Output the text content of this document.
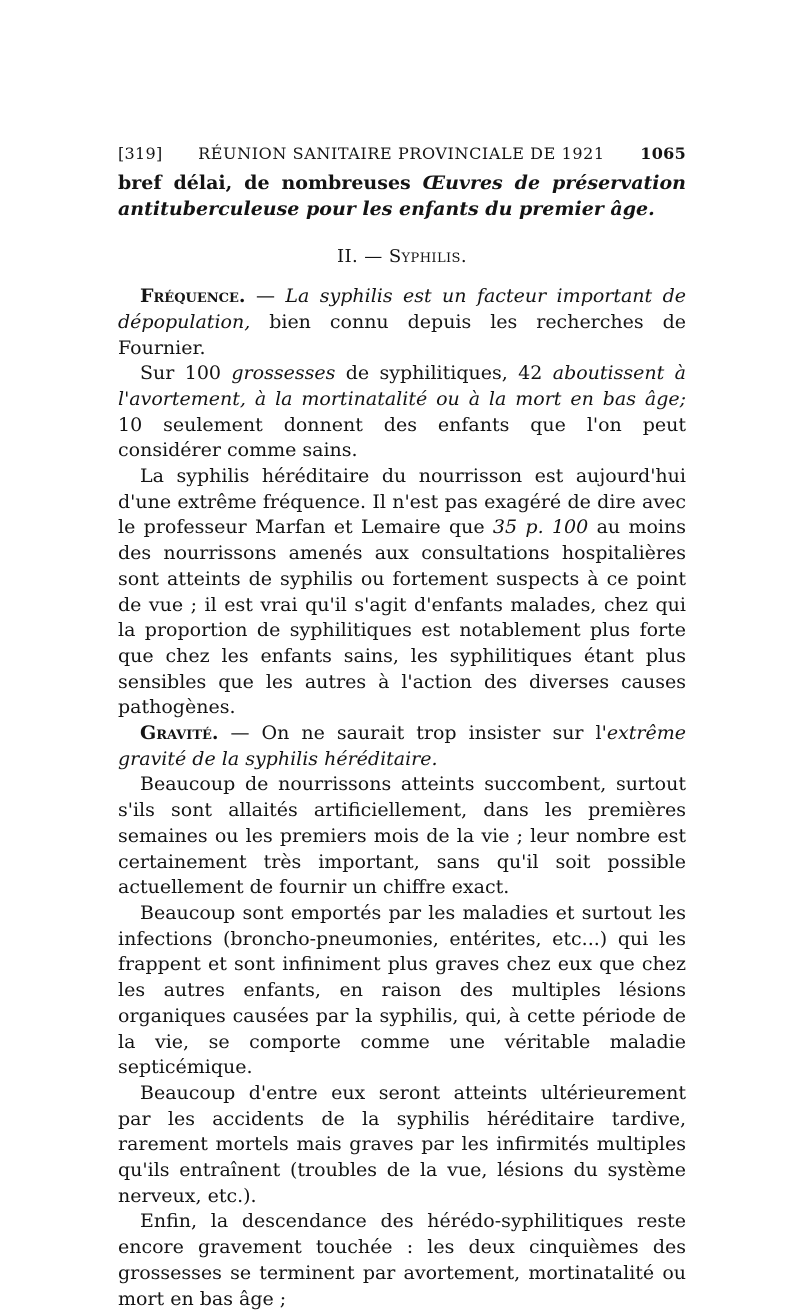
[319] RÉUNION SANITAIRE PROVINCIALE DE 1921 1065

bref délai, de nombreuses Œuvres de préservation antituberculeuse pour les enfants du premier âge.

II. — Syphilis.

Fréquence. — La syphilis est un facteur important de dépopulation, bien connu depuis les recherches de Fournier.

Sur 100 grossesses de syphilitiques, 42 aboutissent à l'avortement, à la mortinatalité ou à la mort en bas âge; 10 seulement donnent des enfants que l'on peut considérer comme sains.

La syphilis héréditaire du nourrisson est aujourd'hui d'une extrême fréquence. Il n'est pas exagéré de dire avec le professeur Marfan et Lemaire que 35 p. 100 au moins des nourrissons amenés aux consultations hospitalières sont atteints de syphilis ou fortement suspects à ce point de vue ; il est vrai qu'il s'agit d'enfants malades, chez qui la proportion de syphilitiques est notablement plus forte que chez les enfants sains, les syphilitiques étant plus sensibles que les autres à l'action des diverses causes pathogènes.

Gravité. — On ne saurait trop insister sur l'extrême gravité de la syphilis héréditaire.

Beaucoup de nourrissons atteints succombent, surtout s'ils sont allaités artificiellement, dans les premières semaines ou les premiers mois de la vie ; leur nombre est certainement très important, sans qu'il soit possible actuellement de fournir un chiffre exact.

Beaucoup sont emportés par les maladies et surtout les infections (broncho-pneumonies, entérites, etc...) qui les frappent et sont infiniment plus graves chez eux que chez les autres enfants, en raison des multiples lésions organiques causées par la syphilis, qui, à cette période de la vie, se comporte comme une véritable maladie septicémique.

Beaucoup d'entre eux seront atteints ultérieurement par les accidents de la syphilis héréditaire tardive, rarement mortels mais graves par les infirmités multiples qu'ils entraînent (troubles de la vue, lésions du système nerveux, etc.).

Enfin, la descendance des hérédo-syphilitiques reste encore gravement touchée : les deux cinquièmes des grossesses se terminent par avortement, mortinatalité ou mort en bas âge ;
